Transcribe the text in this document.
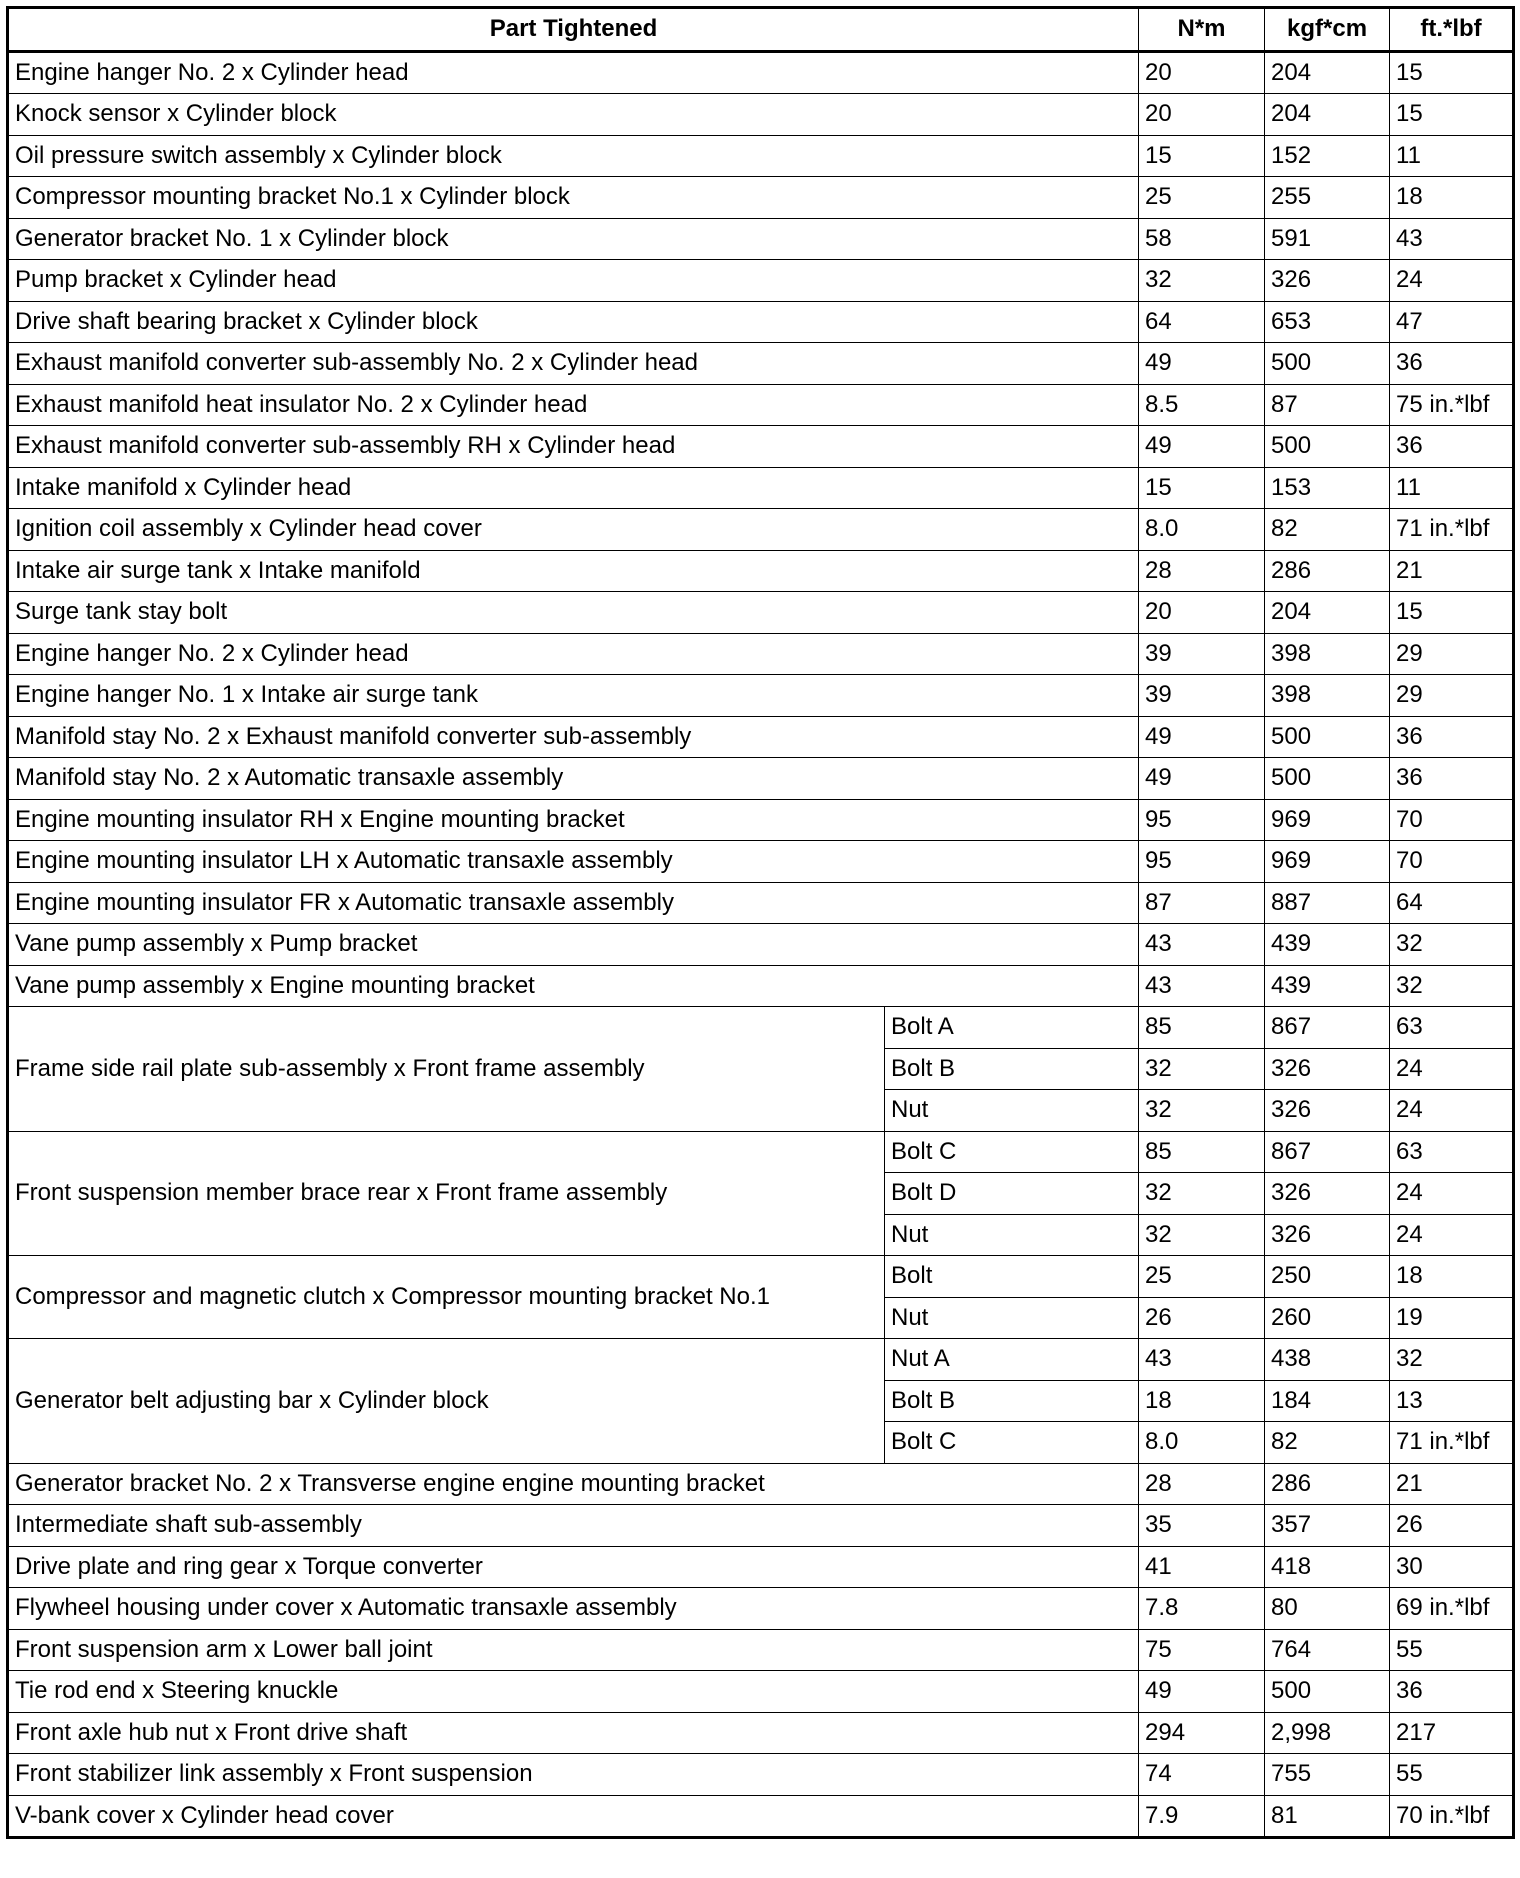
Part Tightened		N*m	kgf*cm	ft.*lbf
Engine hanger No. 2 x Cylinder head		20	204	15
Knock sensor x Cylinder block		20	204	15
Oil pressure switch assembly x Cylinder block		15	152	11
Compressor mounting bracket No.1 x Cylinder block		25	255	18
Generator bracket No. 1 x Cylinder block		58	591	43
Pump bracket x Cylinder head		32	326	24
Drive shaft bearing bracket x Cylinder block		64	653	47
Exhaust manifold converter sub-assembly No. 2 x Cylinder head		49	500	36
Exhaust manifold heat insulator No. 2 x Cylinder head		8.5	87	75 in.*lbf
Exhaust manifold converter sub-assembly RH x Cylinder head		49	500	36
Intake manifold x Cylinder head		15	153	11
Ignition coil assembly x Cylinder head cover		8.0	82	71 in.*lbf
Intake air surge tank x Intake manifold		28	286	21
Surge tank stay bolt		20	204	15
Engine hanger No. 2 x Cylinder head		39	398	29
Engine hanger No. 1 x Intake air surge tank		39	398	29
Manifold stay No. 2 x Exhaust manifold converter sub-assembly		49	500	36
Manifold stay No. 2 x Automatic transaxle assembly		49	500	36
Engine mounting insulator RH x Engine mounting bracket		95	969	70
Engine mounting insulator LH x Automatic transaxle assembly		95	969	70
Engine mounting insulator FR x Automatic transaxle assembly		87	887	64
Vane pump assembly x Pump bracket		43	439	32
Vane pump assembly x Engine mounting bracket		43	439	32
Frame side rail plate sub-assembly x Front frame assembly	Bolt A	85	867	63
	Bolt B	32	326	24
	Nut	32	326	24
Front suspension member brace rear x Front frame assembly	Bolt C	85	867	63
	Bolt D	32	326	24
	Nut	32	326	24
Compressor and magnetic clutch x Compressor mounting bracket No.1	Bolt	25	250	18
	Nut	26	260	19
Generator belt adjusting bar x Cylinder block	Nut A	43	438	32
	Bolt B	18	184	13
	Bolt C	8.0	82	71 in.*lbf
Generator bracket No. 2 x Transverse engine engine mounting bracket		28	286	21
Intermediate shaft sub-assembly		35	357	26
Drive plate and ring gear x Torque converter		41	418	30
Flywheel housing under cover x Automatic transaxle assembly		7.8	80	69 in.*lbf
Front suspension arm x Lower ball joint		75	764	55
Tie rod end x Steering knuckle		49	500	36
Front axle hub nut x Front drive shaft		294	2,998	217
Front stabilizer link assembly x Front suspension		74	755	55
V-bank cover x Cylinder head cover		7.9	81	70 in.*lbf
